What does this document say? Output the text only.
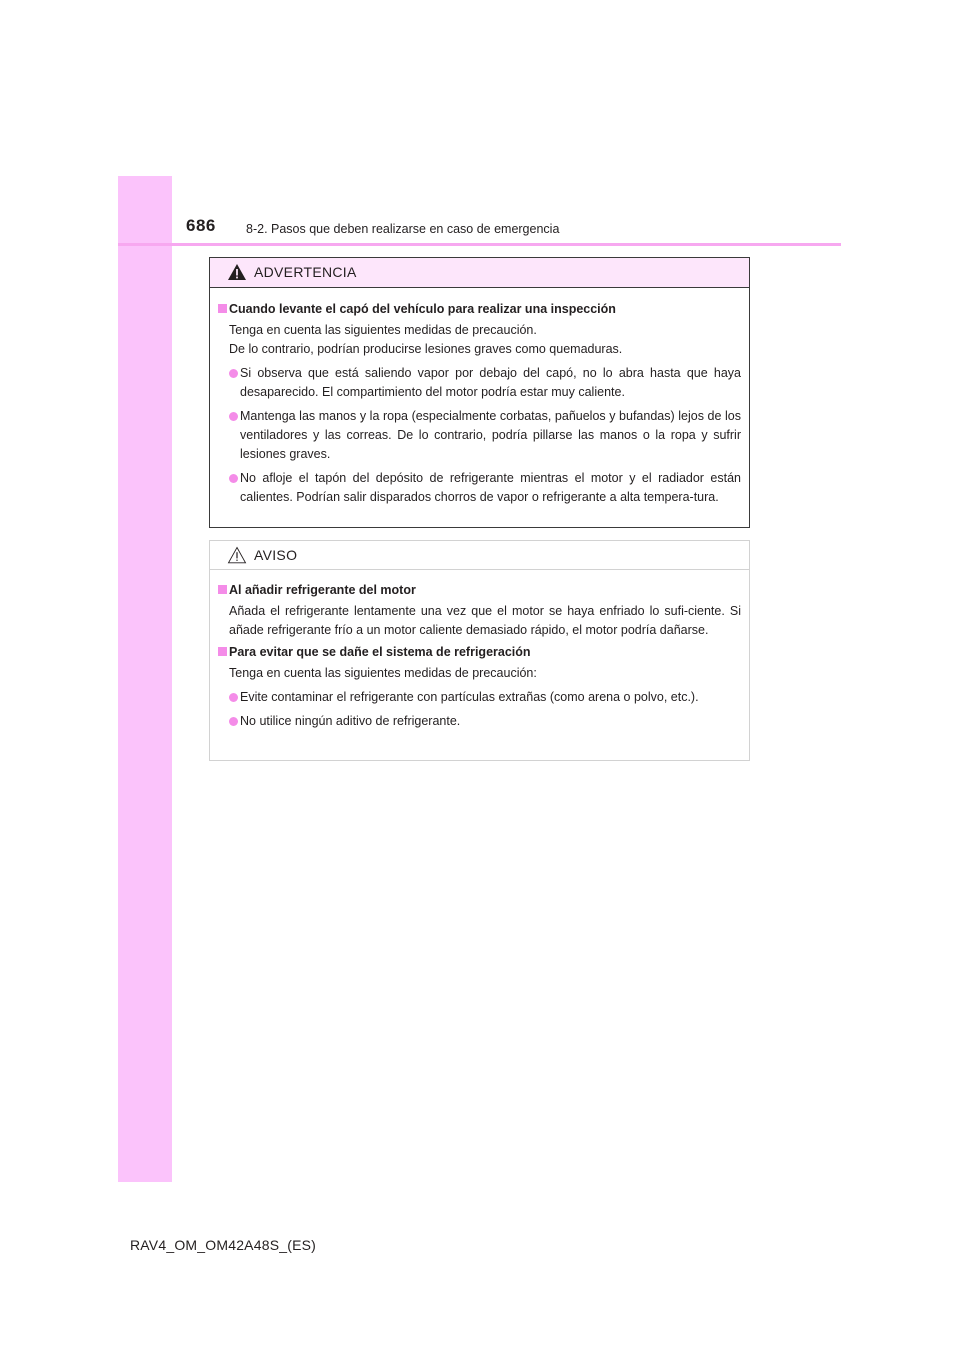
686 8-2. Pasos que deben realizarse en caso de emergencia
ADVERTENCIA
Cuando levante el capó del vehículo para realizar una inspección
Tenga en cuenta las siguientes medidas de precaución.
De lo contrario, podrían producirse lesiones graves como quemaduras.
Si observa que está saliendo vapor por debajo del capó, no lo abra hasta que haya desaparecido. El compartimiento del motor podría estar muy caliente.
Mantenga las manos y la ropa (especialmente corbatas, pañuelos y bufandas) lejos de los ventiladores y las correas. De lo contrario, podría pillarse las manos o la ropa y sufrir lesiones graves.
No afloje el tapón del depósito de refrigerante mientras el motor y el radiador están calientes. Podrían salir disparados chorros de vapor o refrigerante a alta tempera-tura.
AVISO
Al añadir refrigerante del motor
Añada el refrigerante lentamente una vez que el motor se haya enfriado lo sufi-ciente. Si añade refrigerante frío a un motor caliente demasiado rápido, el motor podría dañarse.
Para evitar que se dañe el sistema de refrigeración
Tenga en cuenta las siguientes medidas de precaución:
Evite contaminar el refrigerante con partículas extrañas (como arena o polvo, etc.).
No utilice ningún aditivo de refrigerante.
RAV4_OM_OM42A48S_(ES)
